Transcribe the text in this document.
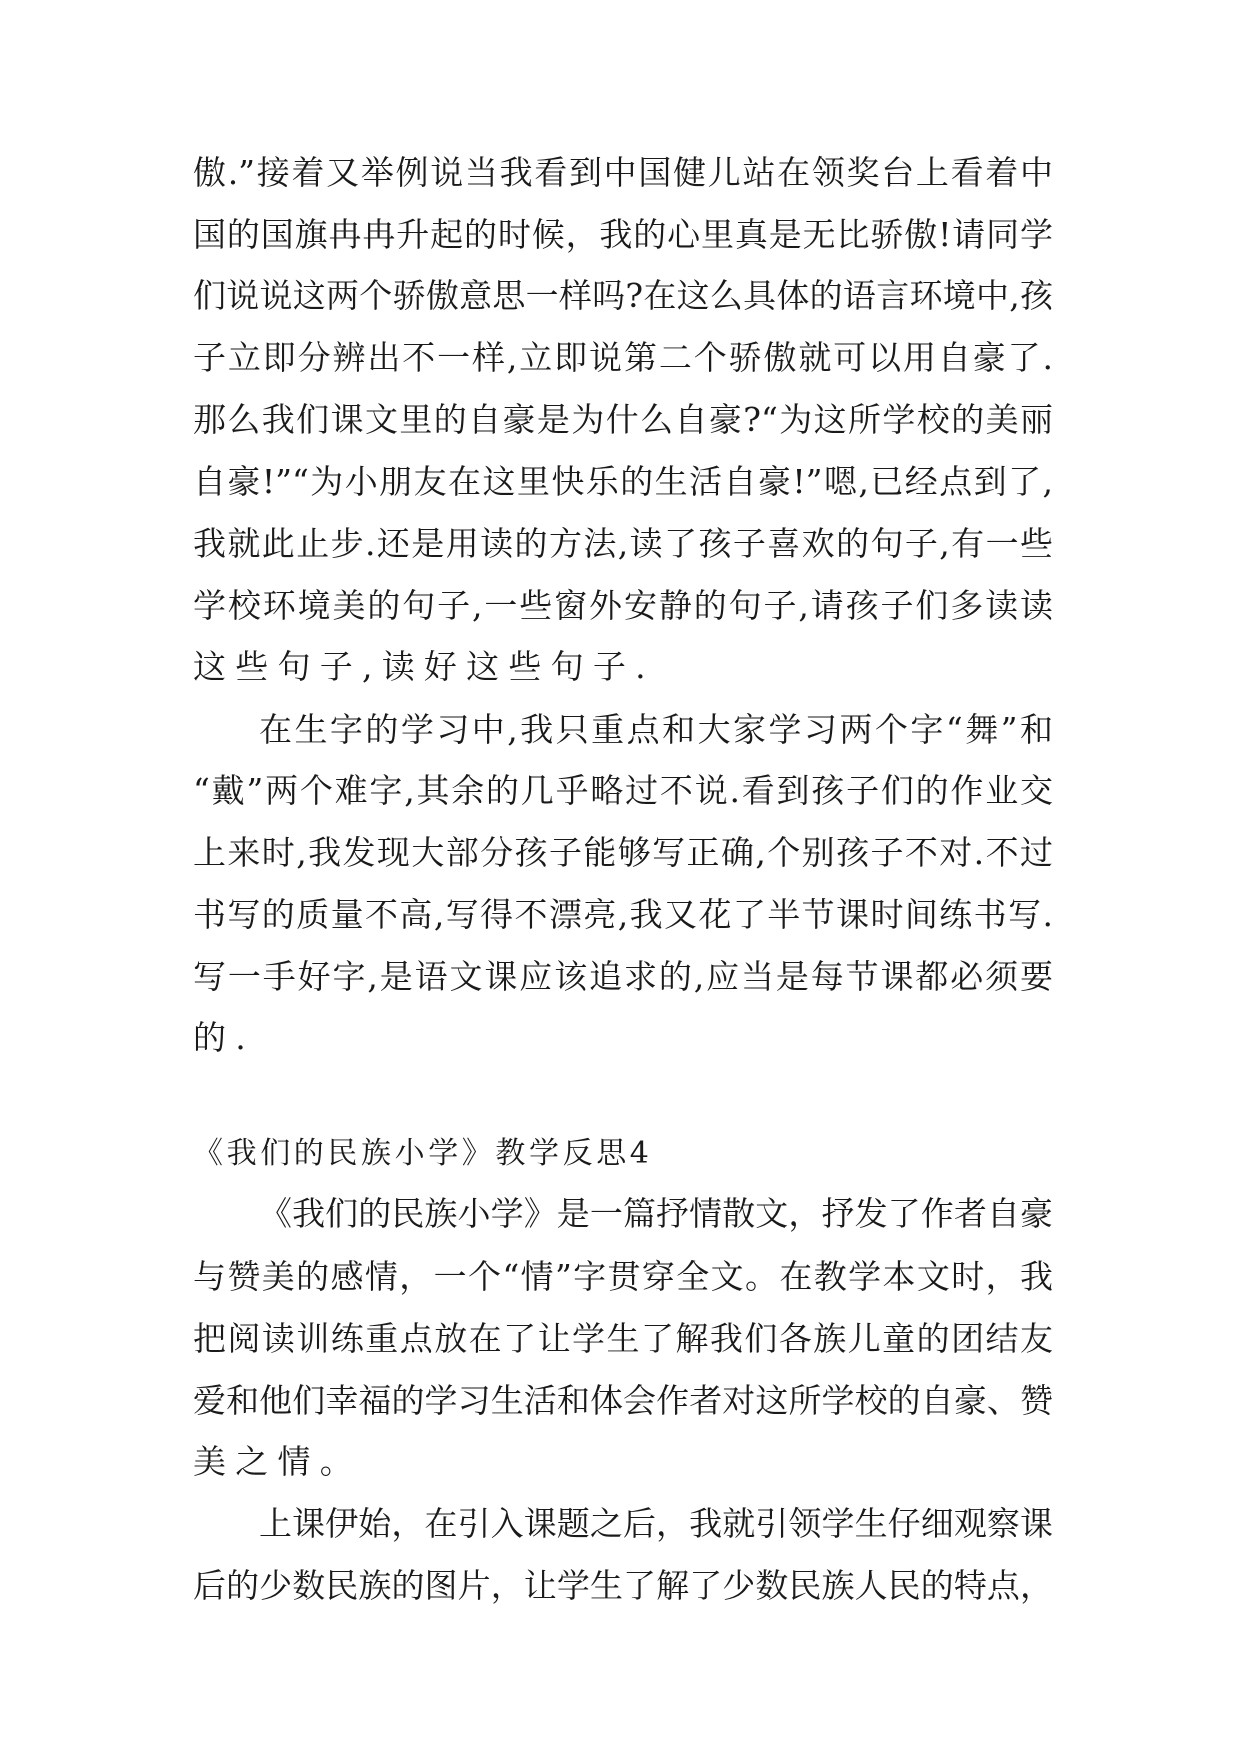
傲.”接着又举例说当我看到中国健儿站在领奖台上看着中
国的国旗冉冉升起的时候，我的心里真是无比骄傲!请同学
们说说这两个骄傲意思一样吗?在这么具体的语言环境中,孩
子立即分辨出不一样,立即说第二个骄傲就可以用自豪了.
那么我们课文里的自豪是为什么自豪?“为这所学校的美丽
自豪!”“为小朋友在这里快乐的生活自豪!”嗯,已经点到了,
我就此止步.还是用读的方法,读了孩子喜欢的句子,有一些
学校环境美的句子,一些窗外安静的句子,请孩子们多读读
这些句子,读好这些句子.
在生字的学习中,我只重点和大家学习两个字“舞”和
“戴”两个难字,其余的几乎略过不说.看到孩子们的作业交
上来时,我发现大部分孩子能够写正确,个别孩子不对.不过
书写的质量不高,写得不漂亮,我又花了半节课时间练书写.
写一手好字,是语文课应该追求的,应当是每节课都必须要
的.
《我们的民族小学》教学反思4
《我们的民族小学》是一篇抒情散文，抒发了作者自豪
与赞美的感情，一个“情”字贯穿全文。在教学本文时，我
把阅读训练重点放在了让学生了解我们各族儿童的团结友
爱和他们幸福的学习生活和体会作者对这所学校的自豪、赞
美之情。
上课伊始，在引入课题之后，我就引领学生仔细观察课
后的少数民族的图片，让学生了解了少数民族人民的特点，
